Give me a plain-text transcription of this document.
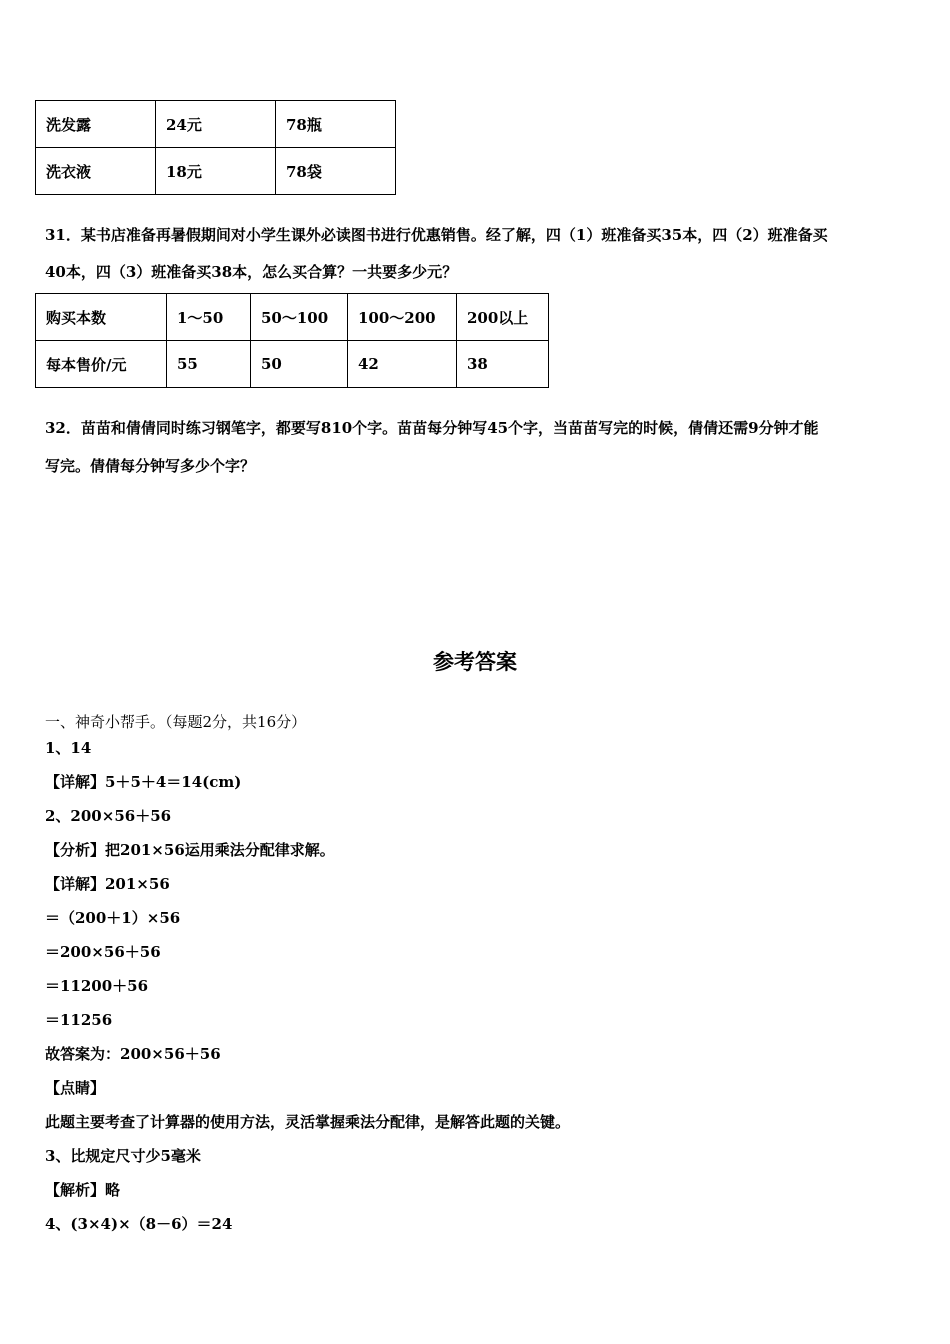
洗发露	24元	78瓶
洗衣液	18元	78袋
31．某书店准备再暑假期间对小学生课外必读图书进行优惠销售。经了解，四（1）班准备买35本，四（2）班准备买
40本，四（3）班准备买38本，怎么买合算？一共要多少元？
购买本数	1～50	50～100	100～200	200以上
每本售价/元	55	50	42	38
32．苗苗和倩倩同时练习钢笔字，都要写810个字。苗苗每分钟写45个字，当苗苗写完的时候，倩倩还需9分钟才能
写完。倩倩每分钟写多少个字？
参考答案
一、神奇小帮手。（每题2分，共16分）
1、14
【详解】5＋5＋4＝14(cm)
2、200×56＋56
【分析】把201×56运用乘法分配律求解。
【详解】201×56
＝（200＋1）×56
＝200×56＋56
＝11200＋56
＝11256
故答案为：200×56＋56
【点睛】
此题主要考查了计算器的使用方法，灵活掌握乘法分配律，是解答此题的关键。
3、比规定尺寸少5毫米
【解析】略
4、(3×4)×（8－6）＝24
